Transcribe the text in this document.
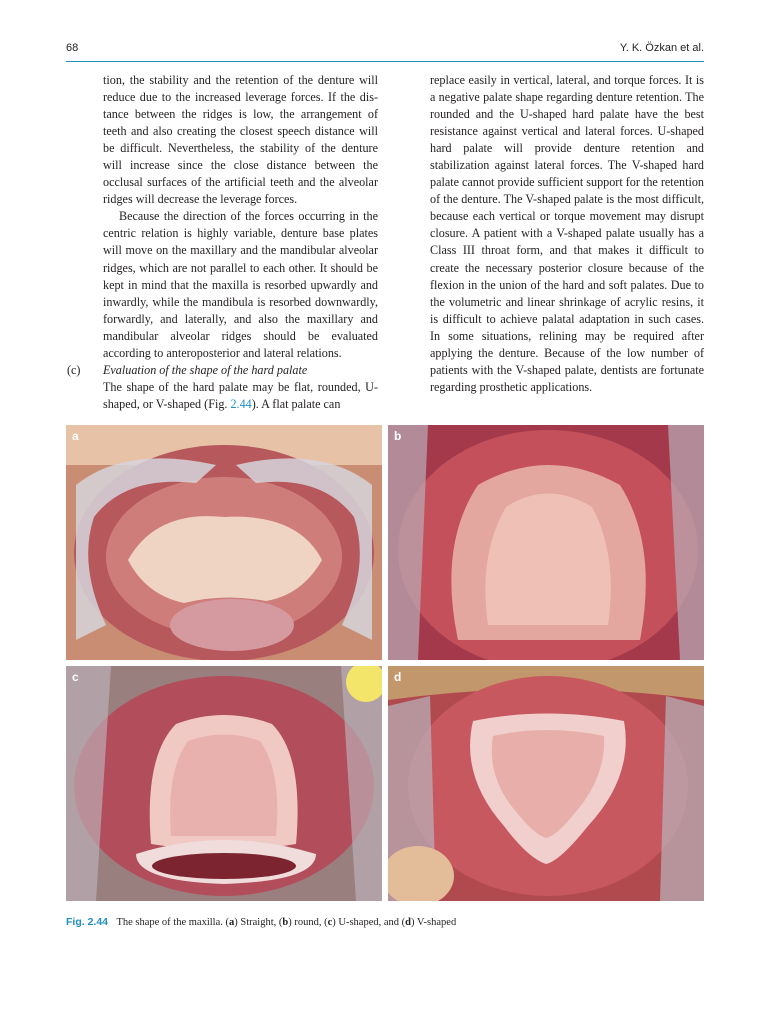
68	Y. K. Özkan et al.

tion, the stability and the retention of the denture will reduce due to the increased leverage forces. If the distance between the ridges is low, the arrangement of teeth and also creating the closest speech distance will be difficult. Nevertheless, the stability of the denture will increase since the close distance between the occlusal surfaces of the artificial teeth and the alveolar ridges will decrease the leverage forces.

Because the direction of the forces occurring in the centric relation is highly variable, denture base plates will move on the maxillary and the mandibular alveolar ridges, which are not parallel to each other. It should be kept in mind that the maxilla is resorbed upwardly and inwardly, while the mandibula is resorbed downwardly, forwardly, and laterally, and also the maxillary and mandibular alveolar ridges should be evaluated according to anteroposterior and lateral relations.

(c) Evaluation of the shape of the hard palate

The shape of the hard palate may be flat, rounded, U-shaped, or V-shaped (Fig. 2.44). A flat palate can

replace easily in vertical, lateral, and torque forces. It is a negative palate shape regarding denture retention. The rounded and the U-shaped hard palate have the best resistance against vertical and lateral forces. U-shaped hard palate will provide denture retention and stabilization against lateral forces. The V-shaped hard palate cannot provide sufficient support for the retention of the denture. The V-shaped palate is the most difficult, because each vertical or torque movement may disrupt closure. A patient with a V-shaped palate usually has a Class III throat form, and that makes it difficult to create the necessary posterior closure because of the flexion in the union of the hard and soft palates. Due to the volumetric and linear shrinkage of acrylic resins, it is difficult to achieve palatal adaptation in such cases. In some situations, relining may be required after applying the denture. Because of the low number of patients with the V-shaped palate, dentists are fortunate regarding prosthetic applications.

a	b
c	d
Fig. 2.44 The shape of the maxilla. (a) Straight, (b) round, (c) U-shaped, and (d) V-shaped
